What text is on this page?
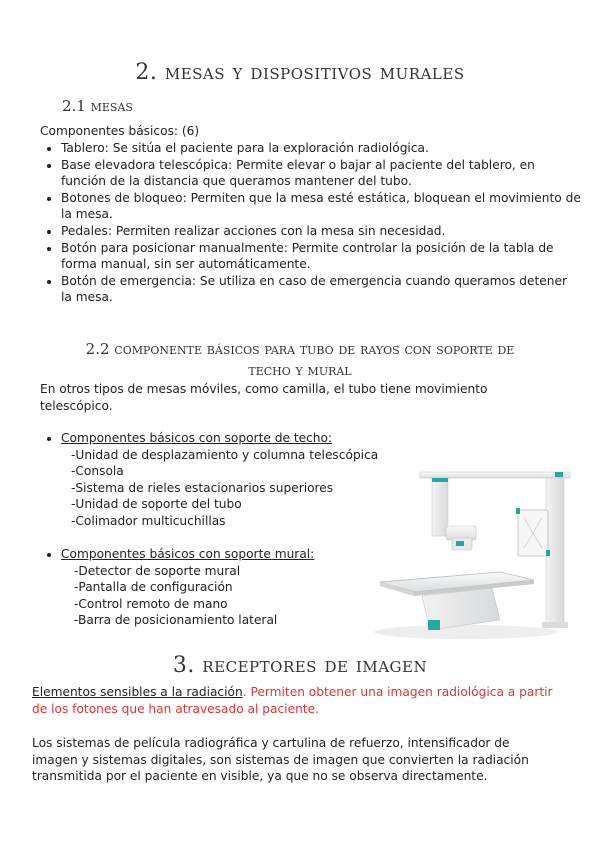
2. mesas y dispositivos murales
2.1 mesas
Componentes básicos: (6)
• Tablero: Se sitúa el paciente para la exploración radiológica.
• Base elevadora telescópica: Permite elevar o bajar al paciente del tablero, en función de la distancia que queramos mantener del tubo.
• Botones de bloqueo: Permiten que la mesa esté estática, bloquean el movimiento de la mesa.
• Pedales: Permiten realizar acciones con la mesa sin necesidad.
• Botón para posicionar manualmente: Permite controlar la posición de la tabla de forma manual, sin ser automáticamente.
• Botón de emergencia: Se utiliza en caso de emergencia cuando queramos detener la mesa.
2.2 componente básicos para tubo de rayos con soporte de
techo y mural
En otros tipos de mesas móviles, como camilla, el tubo tiene movimiento telescópico.
• Componentes básicos con soporte de techo:
-Unidad de desplazamiento y columna telescópica
-Consola
-Sistema de rieles estacionarios superiores
-Unidad de soporte del tubo
-Colimador multicuchillas
• Componentes básicos con soporte mural:
-Detector de soporte mural
-Pantalla de configuración
-Control remoto de mano
-Barra de posicionamiento lateral
3. receptores de imagen
Elementos sensibles a la radiación. Permiten obtener una imagen radiológica a partir de los fotones que han atravesado al paciente.
Los sistemas de película radiográfica y cartulina de refuerzo, intensificador de imagen y sistemas digitales, son sistemas de imagen que convierten la radiación transmitida por el paciente en visible, ya que no se observa directamente.
